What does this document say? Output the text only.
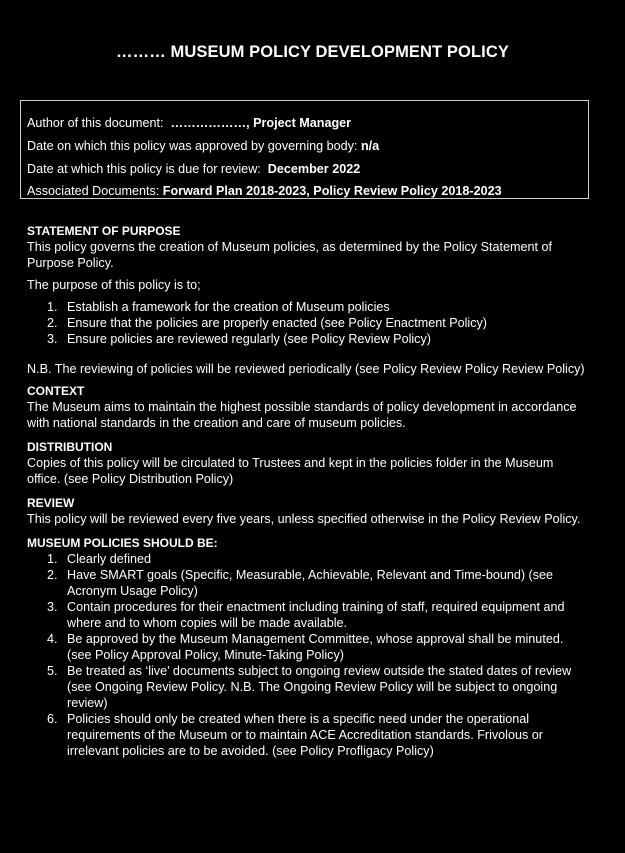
……… MUSEUM POLICY DEVELOPMENT POLICY
Author of this document: ………………, Project Manager
Date on which this policy was approved by governing body: n/a
Date at which this policy is due for review: December 2022
Associated Documents: Forward Plan 2018-2023, Policy Review Policy 2018-2023

STATEMENT OF PURPOSE

This policy governs the creation of Museum policies, as determined by the Policy Statement of Purpose Policy.

The purpose of this policy is to;

1. Establish a framework for the creation of Museum policies
2. Ensure that the policies are properly enacted (see Policy Enactment Policy)
3. Ensure policies are reviewed regularly (see Policy Review Policy)

N.B. The reviewing of policies will be reviewed periodically (see Policy Review Policy Review Policy)

CONTEXT

The Museum aims to maintain the highest possible standards of policy development in accordance with national standards in the creation and care of museum policies.

DISTRIBUTION

Copies of this policy will be circulated to Trustees and kept in the policies folder in the Museum office. (see Policy Distribution Policy)

REVIEW

This policy will be reviewed every five years, unless specified otherwise in the Policy Review Policy.

MUSEUM POLICIES SHOULD BE:

1. Clearly defined
2. Have SMART goals (Specific, Measurable, Achievable, Relevant and Time-bound) (see Acronym Usage Policy)
3. Contain procedures for their enactment including training of staff, required equipment and where and to whom copies will be made available.
4. Be approved by the Museum Management Committee, whose approval shall be minuted. (see Policy Approval Policy, Minute-Taking Policy)
5. Be treated as ‘live’ documents subject to ongoing review outside the stated dates of review (see Ongoing Review Policy. N.B. The Ongoing Review Policy will be subject to ongoing review)
6. Policies should only be created when there is a specific need under the operational requirements of the Museum or to maintain ACE Accreditation standards. Frivolous or irrelevant policies are to be avoided. (see Policy Profligacy Policy)
